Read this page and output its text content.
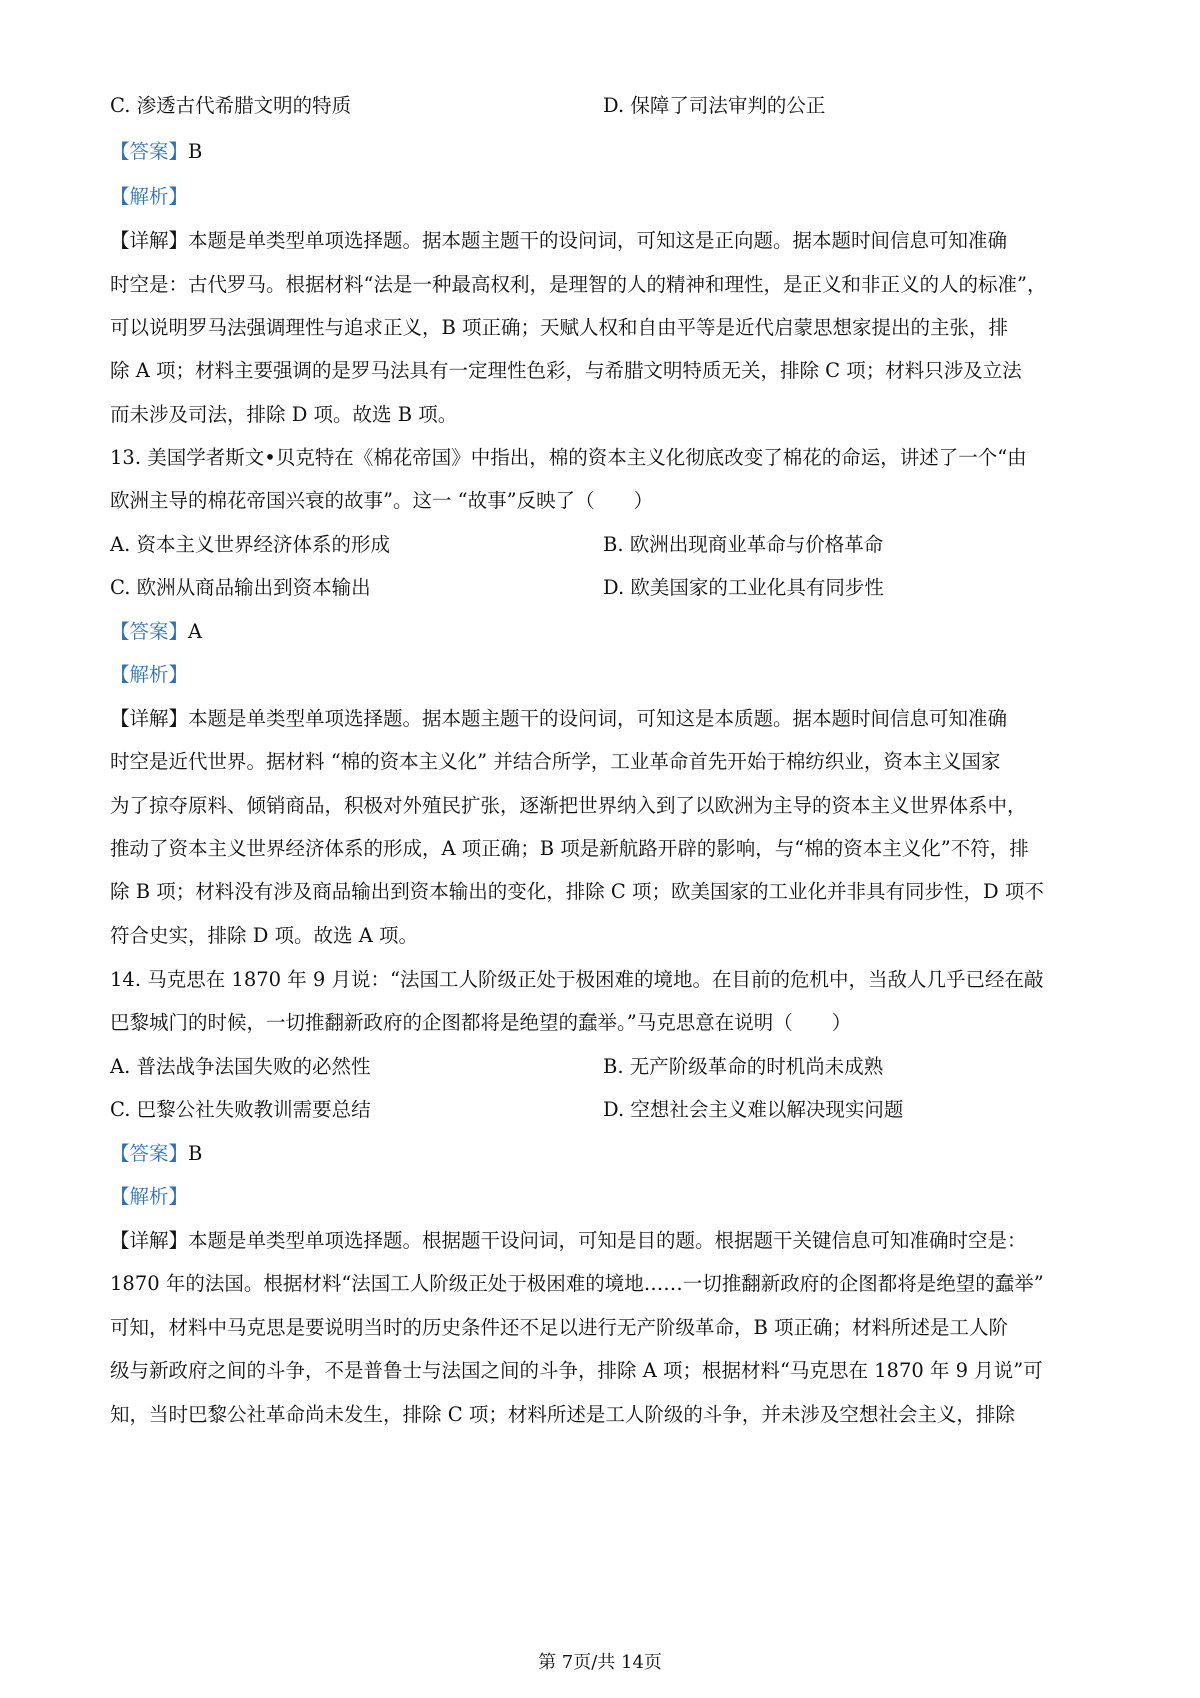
C. 渗透古代希腊文明的特质	D. 保障了司法审判的公正
【答案】B
【解析】
【详解】本题是单类型单项选择题。据本题主题干的设问词，可知这是正向题。据本题时间信息可知准确
时空是：古代罗马。根据材料“法是一种最高权利，是理智的人的精神和理性，是正义和非正义的人的标准”，
可以说明罗马法强调理性与追求正义，B 项正确；天赋人权和自由平等是近代启蒙思想家提出的主张，排
除 A 项；材料主要强调的是罗马法具有一定理性色彩，与希腊文明特质无关，排除 C 项；材料只涉及立法
而未涉及司法，排除 D 项。故选 B 项。
13. 美国学者斯文•贝克特在《棉花帝国》中指出，棉的资本主义化彻底改变了棉花的命运，讲述了一个“由
欧洲主导的棉花帝国兴衰的故事”。这一 “故事”反映了（　　）
A. 资本主义世界经济体系的形成	B. 欧洲出现商业革命与价格革命
C. 欧洲从商品输出到资本输出	D. 欧美国家的工业化具有同步性
【答案】A
【解析】
【详解】本题是单类型单项选择题。据本题主题干的设问词，可知这是本质题。据本题时间信息可知准确
时空是近代世界。据材料 “棉的资本主义化” 并结合所学，工业革命首先开始于棉纺织业，资本主义国家
为了掠夺原料、倾销商品，积极对外殖民扩张，逐渐把世界纳入到了以欧洲为主导的资本主义世界体系中，
推动了资本主义世界经济体系的形成，A 项正确；B 项是新航路开辟的影响，与“棉的资本主义化”不符，排
除 B 项；材料没有涉及商品输出到资本输出的变化，排除 C 项；欧美国家的工业化并非具有同步性，D 项不
符合史实，排除 D 项。故选 A 项。
14. 马克思在 1870 年 9 月说：“法国工人阶级正处于极困难的境地。在目前的危机中，当敌人几乎已经在敲
巴黎城门的时候，一切推翻新政府的企图都将是绝望的蠢举。”马克思意在说明（　　）
A. 普法战争法国失败的必然性	B. 无产阶级革命的时机尚未成熟
C. 巴黎公社失败教训需要总结	D. 空想社会主义难以解决现实问题
【答案】B
【解析】
【详解】本题是单类型单项选择题。根据题干设问词，可知是目的题。根据题干关键信息可知准确时空是：
1870 年的法国。根据材料“法国工人阶级正处于极困难的境地……一切推翻新政府的企图都将是绝望的蠢举”
可知，材料中马克思是要说明当时的历史条件还不足以进行无产阶级革命，B 项正确；材料所述是工人阶
级与新政府之间的斗争，不是普鲁士与法国之间的斗争，排除 A 项；根据材料“马克思在 1870 年 9 月说”可
知，当时巴黎公社革命尚未发生，排除 C 项；材料所述是工人阶级的斗争，并未涉及空想社会主义，排除
第 7页/共 14页
